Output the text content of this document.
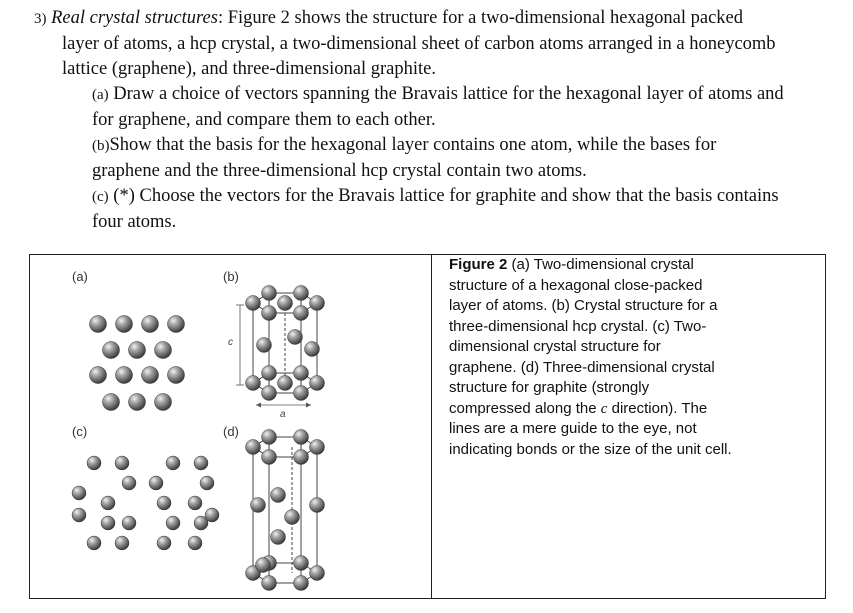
3) Real crystal structures: Figure 2 shows the structure for a two-dimensional hexagonal packed
layer of atoms, a hcp crystal, a two-dimensional sheet of carbon atoms arranged in a honeycomb
lattice (graphene), and three-dimensional graphite.
(a) Draw a choice of vectors spanning the Bravais lattice for the hexagonal layer of atoms and
for graphene, and compare them to each other.
(b)Show that the basis for the hexagonal layer contains one atom, while the bases for
graphene and the three-dimensional hcp crystal contain two atoms.
(c) (*) Choose the vectors for the Bravais lattice for graphite and show that the basis contains
four atoms.
(a)	(b)
(c)	(d)
c
a
Figure 2 (a) Two-dimensional crystal
structure of a hexagonal close-packed
layer of atoms. (b) Crystal structure for a
three-dimensional hcp crystal. (c) Two-
dimensional crystal structure for
graphene. (d) Three-dimensional crystal
structure for graphite (strongly
compressed along the c direction). The
lines are a mere guide to the eye, not
indicating bonds or the size of the unit cell.
